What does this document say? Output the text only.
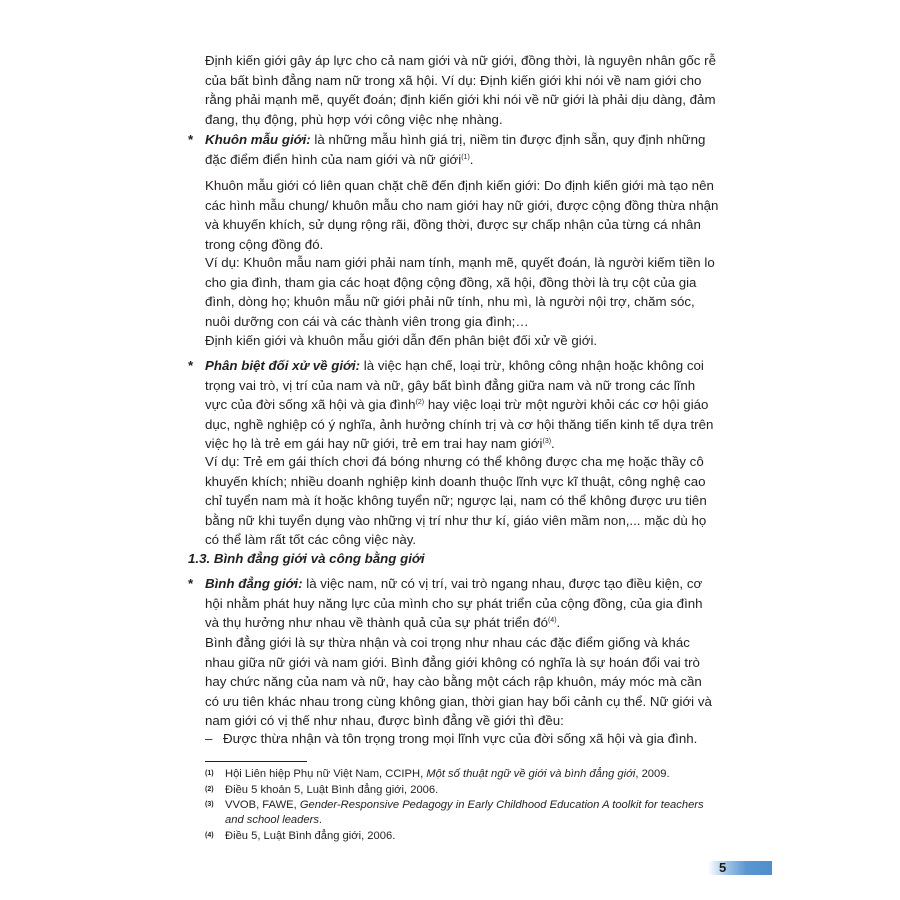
Định kiến giới gây áp lực cho cả nam giới và nữ giới, đồng thời, là nguyên nhân gốc rễ của bất bình đẳng nam nữ trong xã hội. Ví dụ: Định kiến giới khi nói về nam giới cho rằng phải mạnh mẽ, quyết đoán; định kiến giới khi nói về nữ giới là phải dịu dàng, đảm đang, thụ động, phù hợp với công việc nhẹ nhàng.

* Khuôn mẫu giới: là những mẫu hình giá trị, niềm tin được định sẵn, quy định những đặc điểm điển hình của nam giới và nữ giới$^{(1)}$.

Khuôn mẫu giới có liên quan chặt chẽ đến định kiến giới: Do định kiến giới mà tạo nên các hình mẫu chung/ khuôn mẫu cho nam giới hay nữ giới, được cộng đồng thừa nhận và khuyến khích, sử dụng rộng rãi, đồng thời, được sự chấp nhận của từng cá nhân trong cộng đồng đó.

Ví dụ: Khuôn mẫu nam giới phải nam tính, mạnh mẽ, quyết đoán, là người kiếm tiền lo cho gia đình, tham gia các hoạt động cộng đồng, xã hội, đồng thời là trụ cột của gia đình, dòng họ; khuôn mẫu nữ giới phải nữ tính, nhu mì, là người nội trợ, chăm sóc, nuôi dưỡng con cái và các thành viên trong gia đình;…

Định kiến giới và khuôn mẫu giới dẫn đến phân biệt đối xử về giới.

* Phân biệt đối xử về giới: là việc hạn chế, loại trừ, không công nhận hoặc không coi trọng vai trò, vị trí của nam và nữ, gây bất bình đẳng giữa nam và nữ trong các lĩnh vực của đời sống xã hội và gia đình$^{(2)}$ hay việc loại trừ một người khỏi các cơ hội giáo dục, nghề nghiệp có ý nghĩa, ảnh hưởng chính trị và cơ hội thăng tiến kinh tế dựa trên việc họ là trẻ em gái hay nữ giới, trẻ em trai hay nam giới$^{(3)}$.

Ví dụ: Trẻ em gái thích chơi đá bóng nhưng có thể không được cha mẹ hoặc thầy cô khuyến khích; nhiều doanh nghiệp kinh doanh thuộc lĩnh vực kĩ thuật, công nghệ cao chỉ tuyển nam mà ít hoặc không tuyển nữ; ngược lại, nam có thể không được ưu tiên bằng nữ khi tuyển dụng vào những vị trí như thư kí, giáo viên mầm non,... mặc dù họ có thể làm rất tốt các công việc này.

1.3. Bình đẳng giới và công bằng giới

* Bình đẳng giới: là việc nam, nữ có vị trí, vai trò ngang nhau, được tạo điều kiện, cơ hội nhằm phát huy năng lực của mình cho sự phát triển của cộng đồng, của gia đình và thụ hưởng như nhau về thành quả của sự phát triển $đó^{(4)}$.

Bình đẳng giới là sự thừa nhận và coi trọng như nhau các đặc điểm giống và khác nhau giữa nữ giới và nam giới. Bình đẳng giới không có nghĩa là sự hoán đổi vai trò hay chức năng của nam và nữ, hay cào bằng một cách rập khuôn, máy móc mà cần có ưu tiên khác nhau trong cùng không gian, thời gian hay bối cảnh cụ thể. Nữ giới và nam giới có vị thế như nhau, được bình đẳng về giới thì đều:

– Được thừa nhận và tôn trọng trong mọi lĩnh vực của đời sống xã hội và gia đình.
(1)	Hội Liên hiệp Phụ nữ Việt Nam, CCIPH, Một số thuật ngữ về giới và bình đẳng giới, 2009.
(2)	Điều 5 khoản 5, Luật Bình đẳng giới, 2006.
(3)	VVOB, FAWE, Gender-Responsive Pedagogy in Early Childhood Education A toolkit for teachers and school leaders.
(4)	Điều 5, Luật Bình đẳng giới, 2006.
5
